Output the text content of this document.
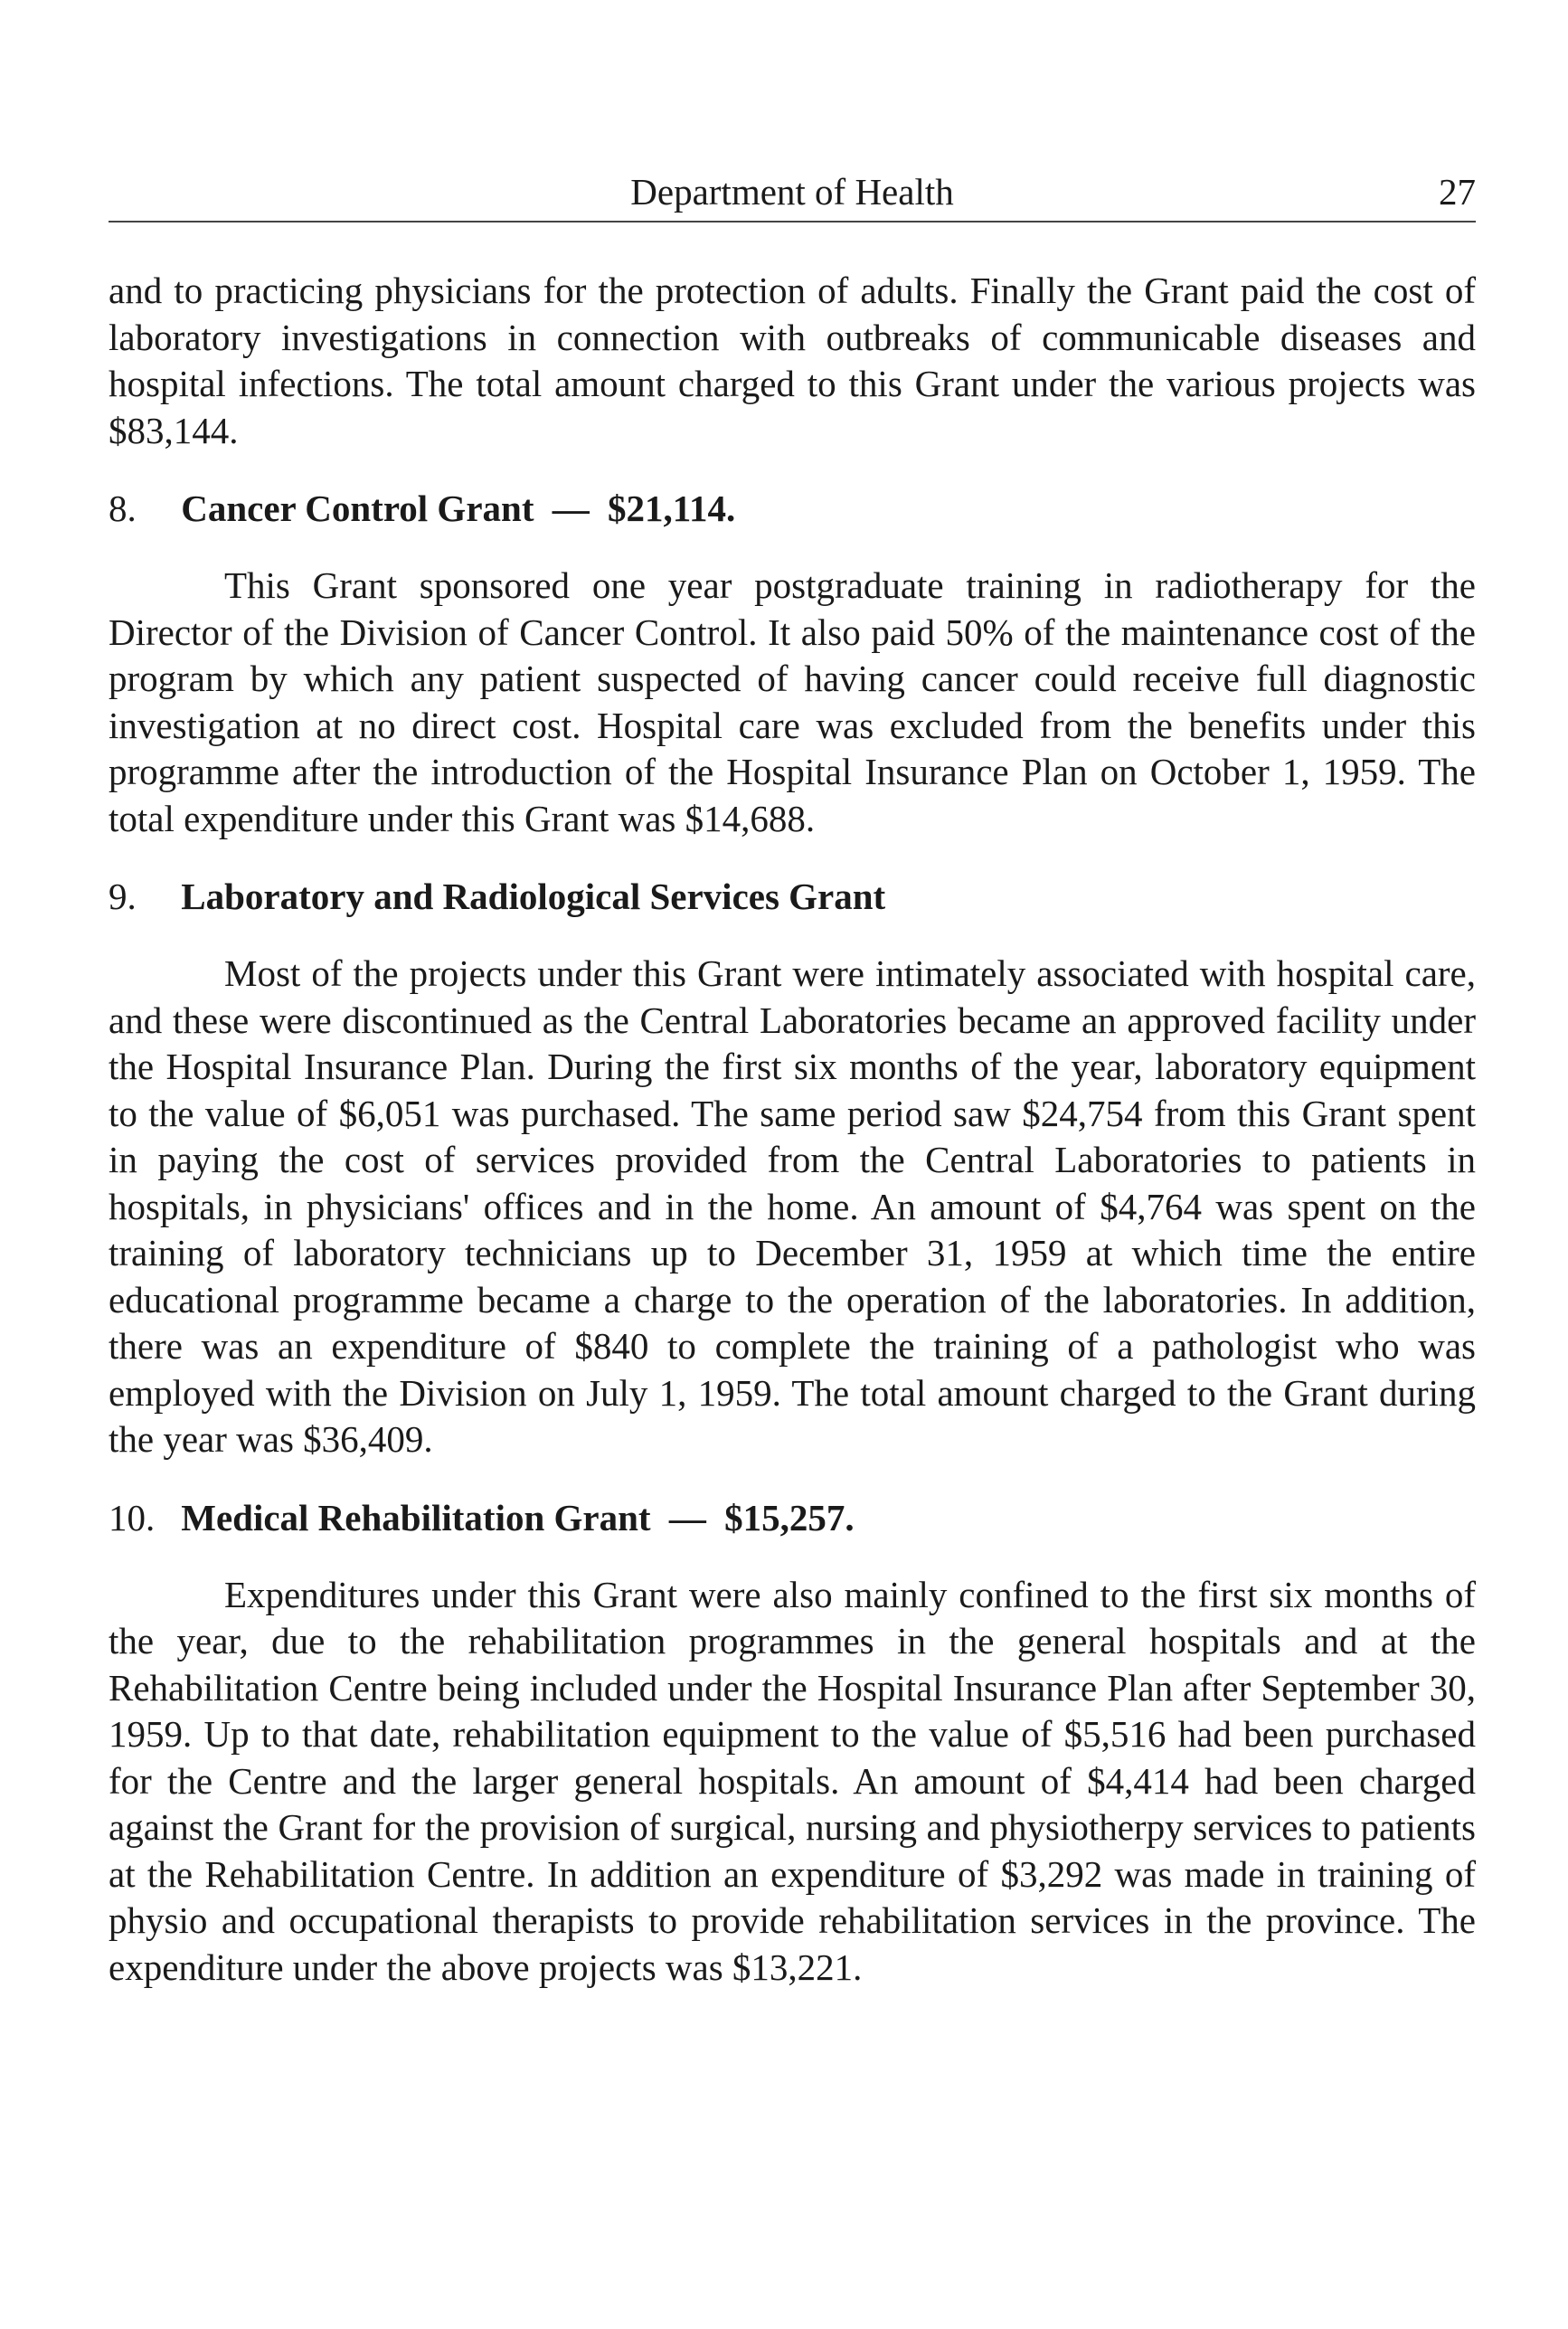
Department of Health	27

and to practicing physicians for the protection of adults. Finally the Grant paid the cost of laboratory investigations in connection with outbreaks of communicable diseases and hospital infections. The total amount charged to this Grant under the various projects was $83,144.

8. Cancer Control Grant — $21,114.

This Grant sponsored one year postgraduate training in radiotherapy for the Director of the Division of Cancer Control. It also paid 50% of the maintenance cost of the program by which any patient suspected of having cancer could receive full diagnostic investigation at no direct cost. Hospital care was excluded from the benefits under this programme after the introduction of the Hospital Insurance Plan on October 1, 1959. The total expenditure under this Grant was $14,688.

9. Laboratory and Radiological Services Grant

Most of the projects under this Grant were intimately associated with hospital care, and these were discontinued as the Central Laboratories became an approved facility under the Hospital Insurance Plan. During the first six months of the year, laboratory equipment to the value of $6,051 was purchased. The same period saw $24,754 from this Grant spent in paying the cost of services provided from the Central Laboratories to patients in hospitals, in physicians' offices and in the home. An amount of $4,764 was spent on the training of laboratory technicians up to December 31, 1959 at which time the entire educational programme became a charge to the operation of the laboratories. In addition, there was an expenditure of $840 to complete the training of a pathologist who was employed with the Division on July 1, 1959. The total amount charged to the Grant during the year was $36,409.

10. Medical Rehabilitation Grant — $15,257.

Expenditures under this Grant were also mainly confined to the first six months of the year, due to the rehabilitation programmes in the general hospitals and at the Rehabilitation Centre being included under the Hospital Insurance Plan after September 30, 1959. Up to that date, rehabilitation equipment to the value of $5,516 had been purchased for the Centre and the larger general hospitals. An amount of $4,414 had been charged against the Grant for the provision of surgical, nursing and physiotherpy services to patients at the Rehabilitation Centre. In addition an expenditure of $3,292 was made in training of physio and occupational therapists to provide rehabilitation services in the province. The expenditure under the above projects was $13,221.
